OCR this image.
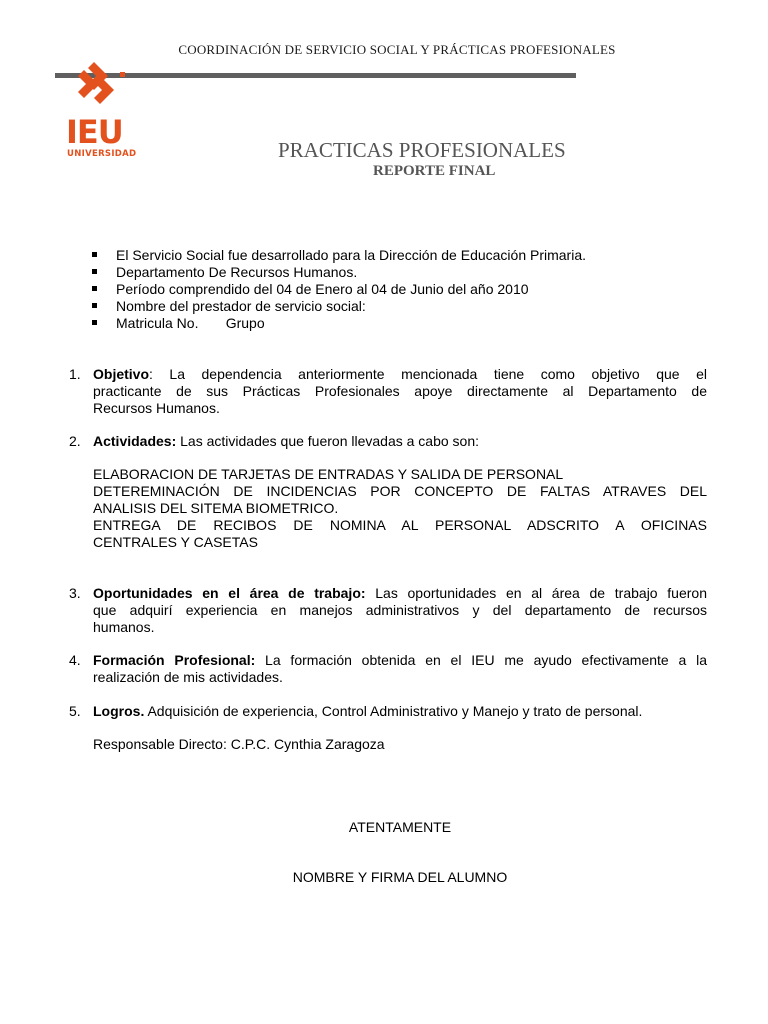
COORDINACIÓN DE SERVICIO SOCIAL Y PRÁCTICAS PROFESIONALES
IEU
UNIVERSIDAD	PRACTICAS PROFESIONALES
REPORTE FINAL
El Servicio Social fue desarrollado para la Dirección de Educación Primaria.
Departamento De Recursos Humanos.
Período comprendido del 04 de Enero al 04 de Junio del año 2010
Nombre del prestador de servicio social:
Matricula No.       Grupo
1. Objetivo: La dependencia anteriormente mencionada tiene como objetivo que el
practicante de sus Prácticas Profesionales apoye directamente al Departamento de
Recursos Humanos.
2. Actividades: Las actividades que fueron llevadas a cabo son:
ELABORACION DE TARJETAS DE ENTRADAS Y SALIDA DE PERSONAL
DETEREMINACIÓN DE INCIDENCIAS POR CONCEPTO DE FALTAS ATRAVES DEL
ANALISIS DEL SITEMA BIOMETRICO.
ENTREGA DE RECIBOS DE NOMINA AL PERSONAL ADSCRITO A OFICINAS
CENTRALES Y CASETAS
3. Oportunidades en el área de trabajo: Las oportunidades en al área de trabajo fueron
que adquirí experiencia en manejos administrativos y del departamento de recursos
humanos.
4. Formación Profesional: La formación obtenida en el IEU me ayudo efectivamente a la
realización de mis actividades.
5. Logros. Adquisición de experiencia, Control Administrativo y Manejo y trato de personal.
Responsable Directo: C.P.C. Cynthia Zaragoza
ATENTAMENTE
NOMBRE Y FIRMA DEL ALUMNO
